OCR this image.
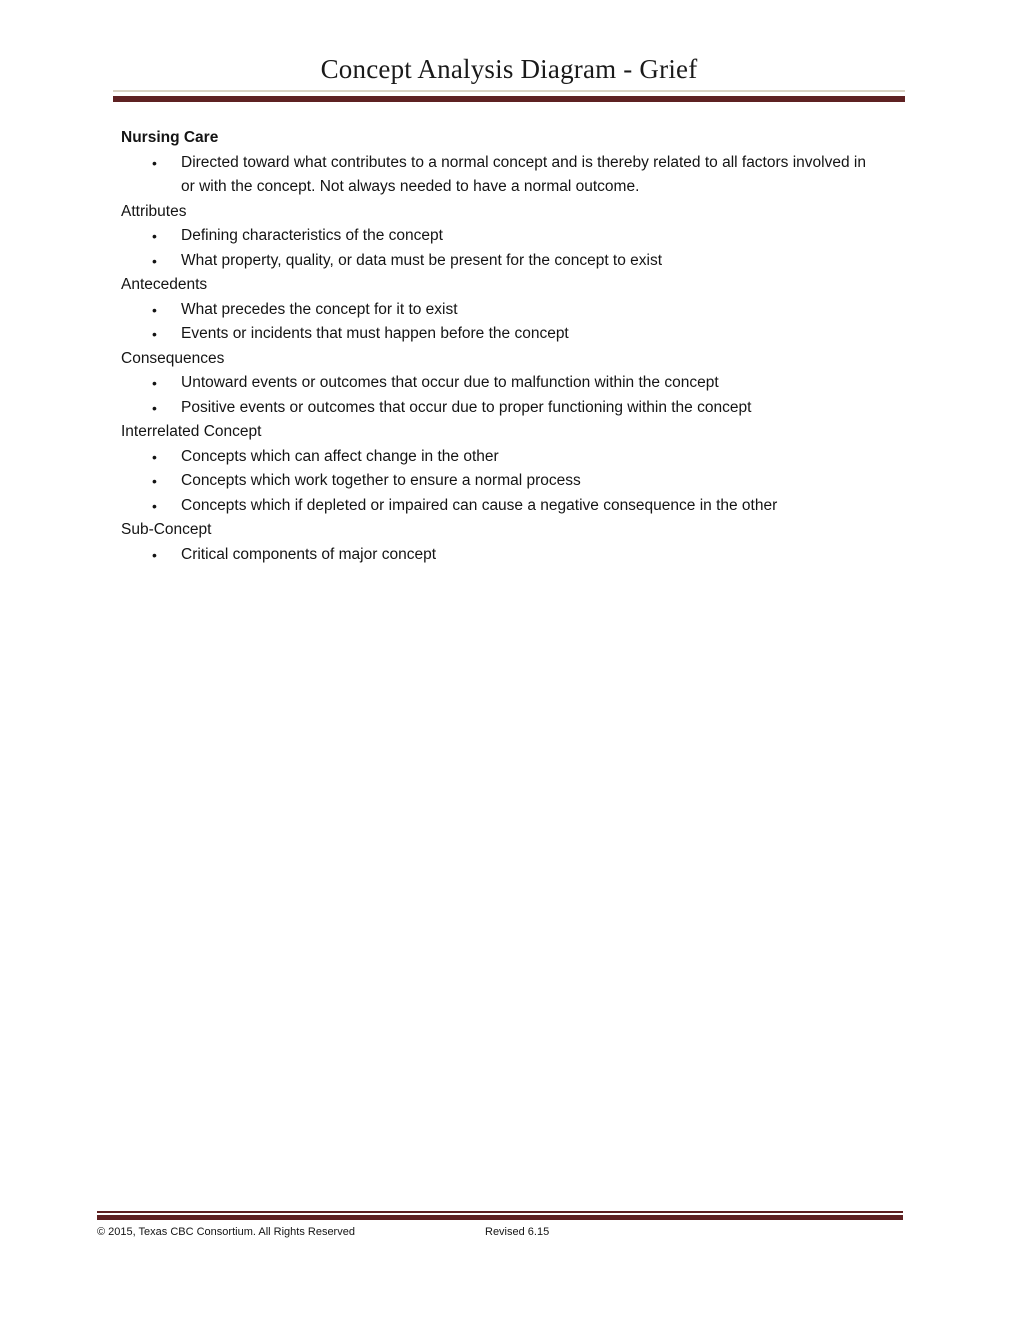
Concept Analysis Diagram - Grief
Nursing Care
•	Directed toward what contributes to a normal concept and is thereby related to all factors involved in or with the concept. Not always needed to have a normal outcome.
Attributes
•	Defining characteristics of the concept
•	What property, quality, or data must be present for the concept to exist
Antecedents
•	What precedes the concept for it to exist
•	Events or incidents that must happen before the concept
Consequences
•	Untoward events or outcomes that occur due to malfunction within the concept
•	Positive events or outcomes that occur due to proper functioning within the concept
Interrelated Concept
•	Concepts which can affect change in the other
•	Concepts which work together to ensure a normal process
•	Concepts which if depleted or impaired can cause a negative consequence in the other
Sub-Concept
•	Critical components of major concept
© 2015, Texas CBC Consortium. All Rights Reserved	Revised 6.15
